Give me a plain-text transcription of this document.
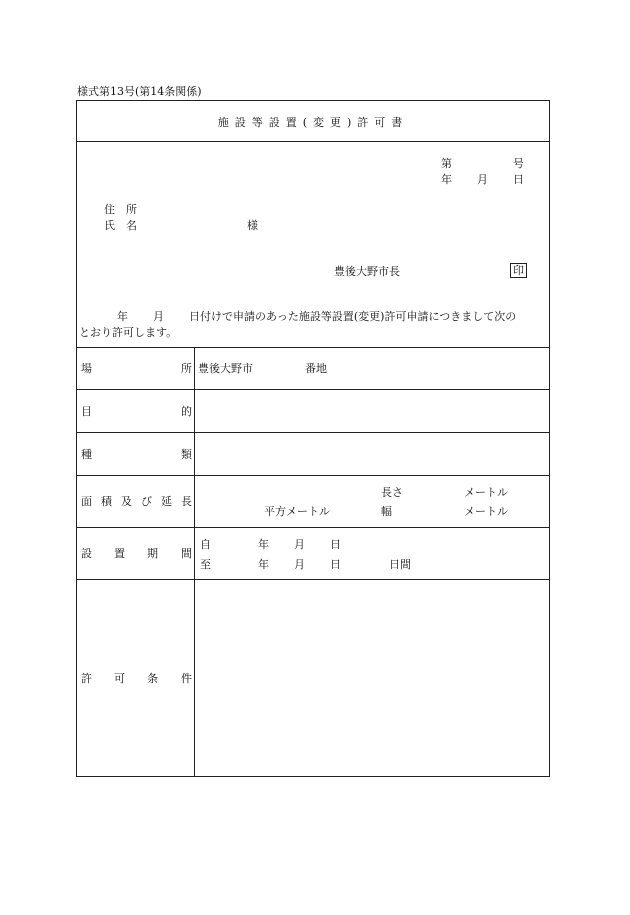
様式第13号(第14条関係)
施設等設置(変更)許可書
第	号
年 月 日
住　所
氏　名	様
豊後大野市長	印
年 月 日付けで申請のあった施設等設置(変更)許可申請につきまして次の
とおり許可します。
場	所 豊後大野市	番地
目	的
種	類
面 積 及 び 延 長
長さ	メートル
平方メートル	幅	メートル
設 置 期 間
自	年 月 日
至	年 月 日	日間
許 可 条 件
